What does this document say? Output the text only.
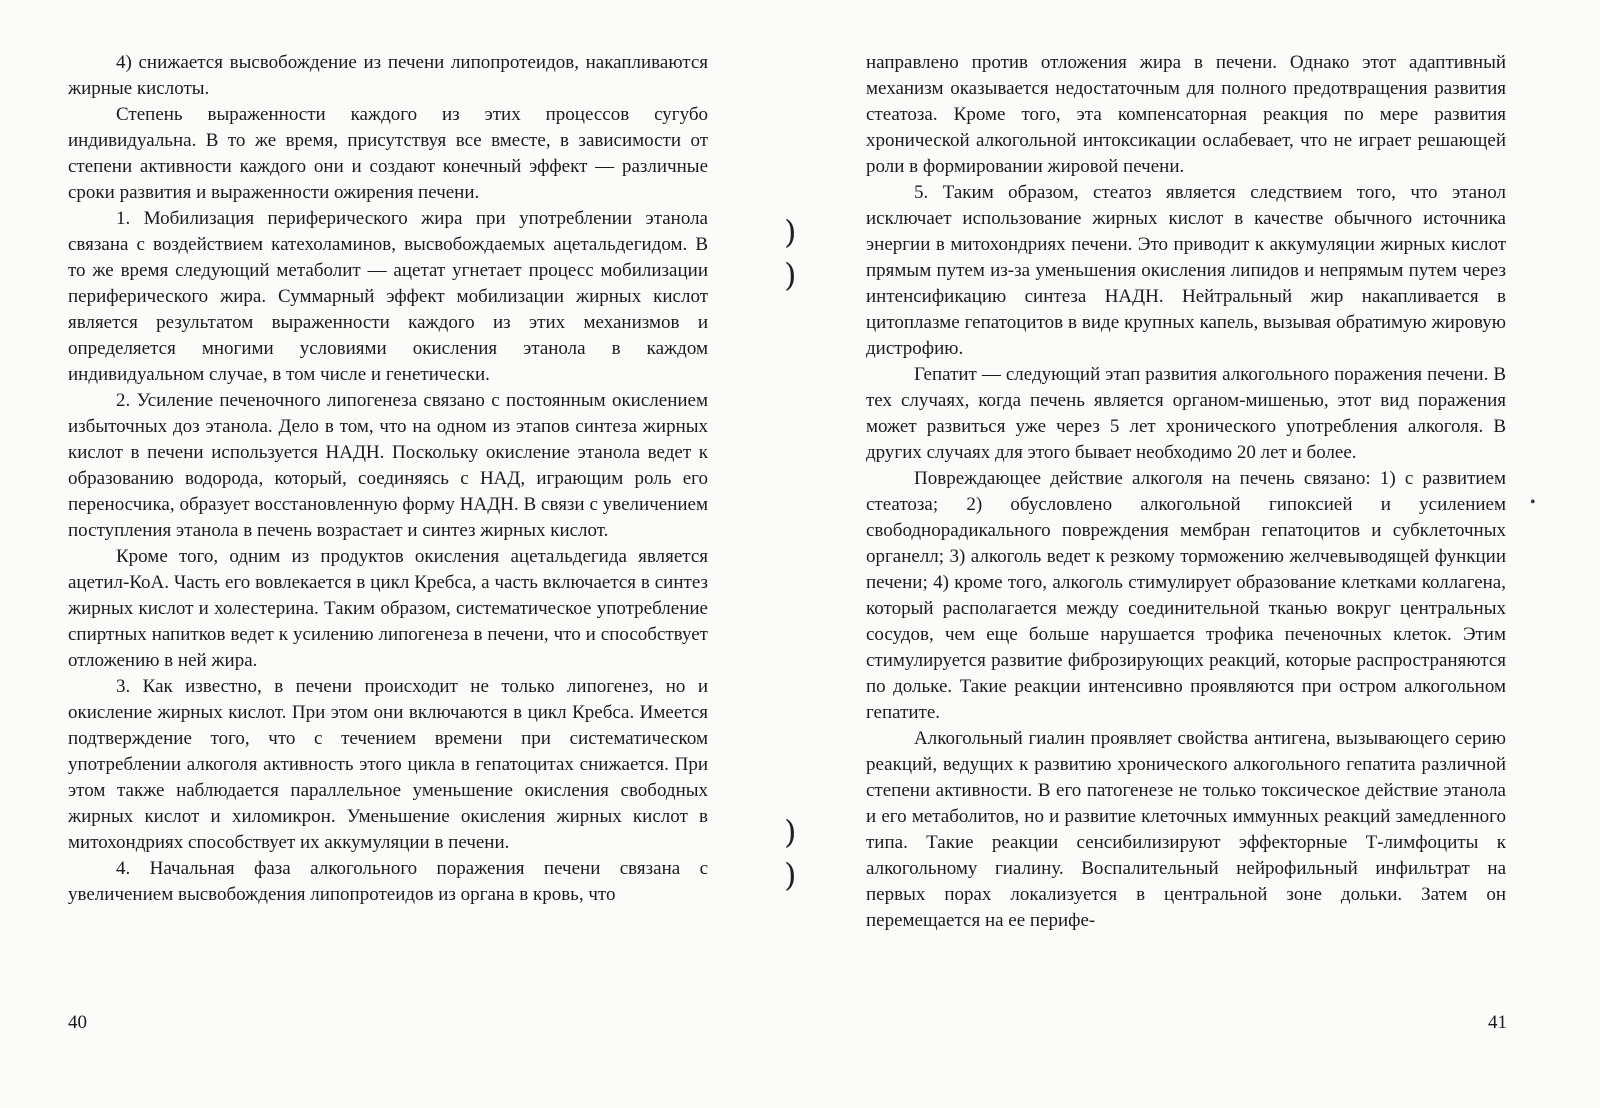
4) снижается высвобождение из печени липопротеидов, накапливаются жирные кислоты.

Степень выраженности каждого из этих процессов сугубо индивидуальна. В то же время, присутствуя все вместе, в зависимости от степени активности каждого они и создают конечный эффект — различные сроки развития и выраженности ожирения печени.

1. Мобилизация периферического жира при употреблении этанола связана с воздействием катехоламинов, высвобождаемых ацетальдегидом. В то же время следующий метаболит — ацетат угнетает процесс мобилизации периферического жира. Суммарный эффект мобилизации жирных кислот является результатом выраженности каждого из этих механизмов и определяется многими условиями окисления этанола в каждом индивидуальном случае, в том числе и генетически.

2. Усиление печеночного липогенеза связано с постоянным окислением избыточных доз этанола. Дело в том, что на одном из этапов синтеза жирных кислот в печени используется НАДН. Поскольку окисление этанола ведет к образованию водорода, который, соединяясь с НАД, играющим роль его переносчика, образует восстановленную форму НАДН. В связи с увеличением поступления этанола в печень возрастает и синтез жирных кислот.

Кроме того, одним из продуктов окисления ацетальдегида является ацетил-КоА. Часть его вовлекается в цикл Кребса, а часть включается в синтез жирных кислот и холестерина. Таким образом, систематическое употребление спиртных напитков ведет к усилению липогенеза в печени, что и способствует отложению в ней жира.

3. Как известно, в печени происходит не только липогенез, но и окисление жирных кислот. При этом они включаются в цикл Кребса. Имеется подтверждение того, что с течением времени при систематическом употреблении алкоголя активность этого цикла в гепатоцитах снижается. При этом также наблюдается параллельное уменьшение окисления свободных жирных кислот и хиломикрон. Уменьшение окисления жирных кислот в митохондриях способствует их аккумуляции в печени.

4. Начальная фаза алкогольного поражения печени связана с увеличением высвобождения липопротеидов из органа в кровь, что

направлено против отложения жира в печени. Однако этот адаптивный механизм оказывается недостаточным для полного предотвращения развития стеатоза. Кроме того, эта компенсаторная реакция по мере развития хронической алкогольной интоксикации ослабевает, что не играет решающей роли в формировании жировой печени.

5. Таким образом, стеатоз является следствием того, что этанол исключает использование жирных кислот в качестве обычного источника энергии в митохондриях печени. Это приводит к аккумуляции жирных кислот прямым путем из-за уменьшения окисления липидов и непрямым путем через интенсификацию синтеза НАДН. Нейтральный жир накапливается в цитоплазме гепатоцитов в виде крупных капель, вызывая обратимую жировую дистрофию.

Гепатит — следующий этап развития алкогольного поражения печени. В тех случаях, когда печень является органом-мишенью, этот вид поражения может развиться уже через 5 лет хронического употребления алкоголя. В других случаях для этого бывает необходимо 20 лет и более.

Повреждающее действие алкоголя на печень связано: 1) с развитием стеатоза; 2) обусловлено алкогольной гипоксией и усилением свободнорадикального повреждения мембран гепатоцитов и субклеточных органелл; 3) алкоголь ведет к резкому торможению желчевыводящей функции печени; 4) кроме того, алкоголь стимулирует образование клетками коллагена, который располагается между соединительной тканью вокруг центральных сосудов, чем еще больше нарушается трофика печеночных клеток. Этим стимулируется развитие фиброзирующих реакций, которые распространяются по дольке. Такие реакции интенсивно проявляются при остром алкогольном гепатите.

Алкогольный гиалин проявляет свойства антигена, вызывающего серию реакций, ведущих к развитию хронического алкогольного гепатита различной степени активности. В его патогенезе не только токсическое действие этанола и его метаболитов, но и развитие клеточных иммунных реакций замедленного типа. Такие реакции сенсибилизируют эффекторные Т-лимфоциты к алкогольному гиалину. Воспалительный нейрофильный инфильтрат на первых порах локализуется в центральной зоне дольки. Затем он перемещается на ее перифе-

)
)
)
)
•
40	41
